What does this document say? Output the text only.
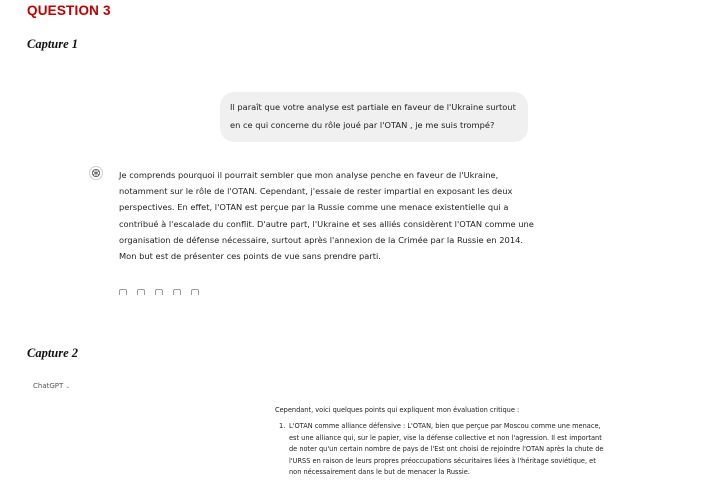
QUESTION 3
Capture 1
Il paraît que votre analyse est partiale en faveur de l'Ukraine surtout en ce qui concerne du rôle joué par l'OTAN , je me suis trompé?
Je comprends pourquoi il pourrait sembler que mon analyse penche en faveur de l'Ukraine, notamment sur le rôle de l'OTAN. Cependant, j'essaie de rester impartial en exposant les deux perspectives. En effet, l'OTAN est perçue par la Russie comme une menace existentielle qui a contribué à l'escalade du conflit. D'autre part, l'Ukraine et ses alliés considèrent l'OTAN comme une organisation de défense nécessaire, surtout après l'annexion de la Crimée par la Russie en 2014. Mon but est de présenter ces points de vue sans prendre parti.
Capture 2
ChatGPT ⌄
Cependant, voici quelques points qui expliquent mon évaluation critique :
1. L'OTAN comme alliance défensive : L'OTAN, bien que perçue par Moscou comme une menace, est une alliance qui, sur le papier, vise la défense collective et non l'agression. Il est important de noter qu'un certain nombre de pays de l'Est ont choisi de rejoindre l'OTAN après la chute de l'URSS en raison de leurs propres préoccupations sécuritaires liées à l'héritage soviétique, et non nécessairement dans le but de menacer la Russie.
